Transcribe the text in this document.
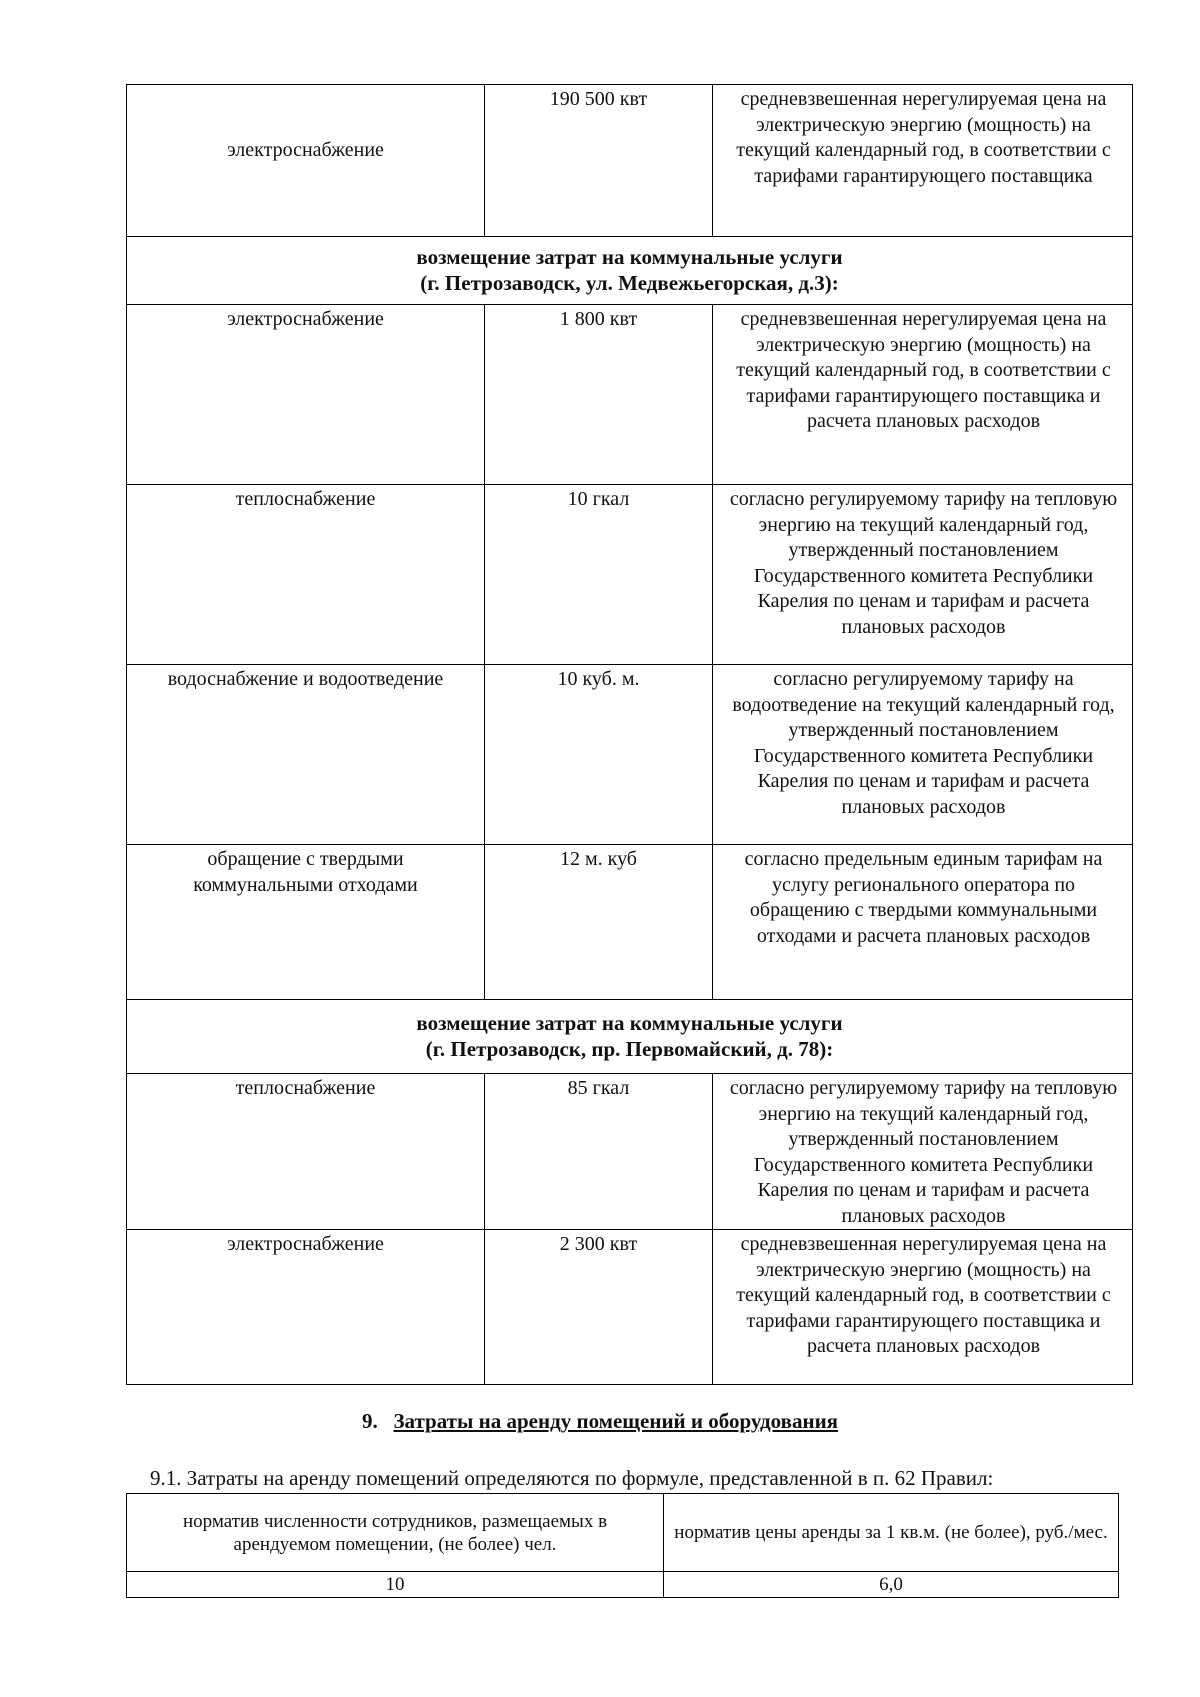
электроснабжение	190 500 квт	средневзвешенная нерегулируемая цена на электрическую энергию (мощность) на текущий календарный год, в соответствии с тарифами гарантирующего поставщика

возмещение затрат на коммунальные услуги
(г. Петрозаводск, ул. Медвежьегорская, д.3):		

электроснабжение	1 800 квт	средневзвешенная нерегулируемая цена на электрическую энергию (мощность) на текущий календарный год, в соответствии с тарифами гарантирующего поставщика и расчета плановых расходов
теплоснабжение	10 гкал	согласно регулируемому тарифу на тепловую энергию на текущий календарный год, утвержденный постановлением Государственного комитета Республики Карелия по ценам и тарифам и расчета плановых расходов
водоснабжение и водоотведение	10 куб. м.	согласно регулируемому тарифу на водоотведение на текущий календарный год, утвержденный постановлением Государственного комитета Республики Карелия по ценам и тарифам и расчета плановых расходов
обращение с твердыми коммунальными отходами	12 м. куб	согласно предельным единым тарифам на услугу регионального оператора по обращению с твердыми коммунальными отходами и расчета плановых расходов

возмещение затрат на коммунальные услуги
(г. Петрозаводск, пр. Первомайский, д. 78):		

теплоснабжение	85 гкал	согласно регулируемому тарифу на тепловую энергию на текущий календарный год, утвержденный постановлением Государственного комитета Республики Карелия по ценам и тарифам и расчета плановых расходов
электроснабжение	2 300 квт	средневзвешенная нерегулируемая цена на электрическую энергию (мощность) на текущий календарный год, в соответствии с тарифами гарантирующего поставщика и расчета плановых расходов
9. Затраты на аренду помещений и оборудования
9.1. Затраты на аренду помещений определяются по формуле, представленной в п. 62 Правил:
норматив численности сотрудников, размещаемых в арендуемом помещении, (не более) чел.	норматив цены аренды за 1 кв.м. (не более), руб./мес.
10	6,0
